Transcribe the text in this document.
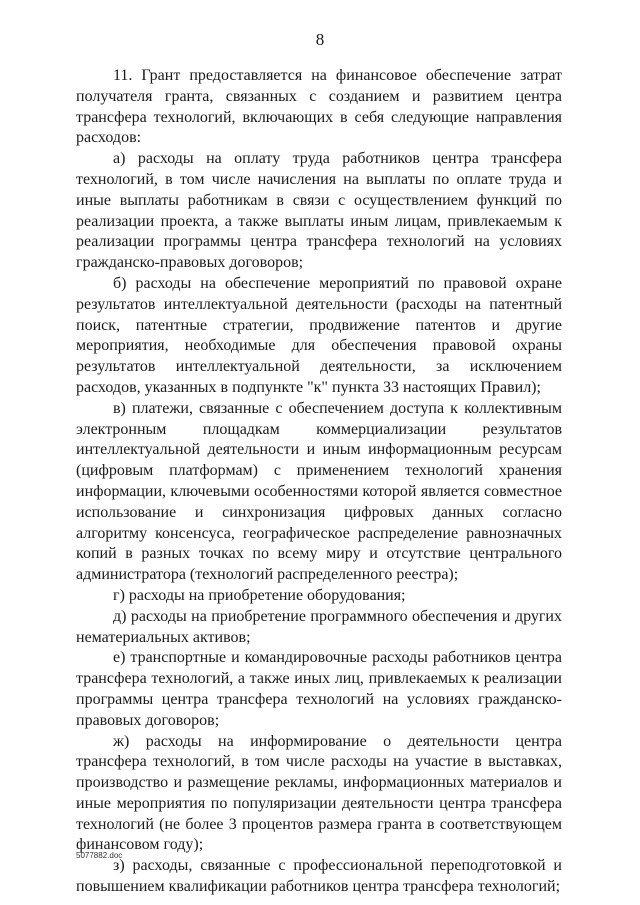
8

11. Грант предоставляется на финансовое обеспечение затрат получателя гранта, связанных с созданием и развитием центра трансфера технологий, включающих в себя следующие направления расходов:

а) расходы на оплату труда работников центра трансфера технологий, в том числе начисления на выплаты по оплате труда и иные выплаты работникам в связи с осуществлением функций по реализации проекта, а также выплаты иным лицам, привлекаемым к реализации программы центра трансфера технологий на условиях гражданско-правовых договоров;

б) расходы на обеспечение мероприятий по правовой охране результатов интеллектуальной деятельности (расходы на патентный поиск, патентные стратегии, продвижение патентов и другие мероприятия, необходимые для обеспечения правовой охраны результатов интеллектуальной деятельности, за исключением расходов, указанных в подпункте "к" пункта 33 настоящих Правил);

в) платежи, связанные с обеспечением доступа к коллективным электронным площадкам коммерциализации результатов интеллектуальной деятельности и иным информационным ресурсам (цифровым платформам) с применением технологий хранения информации, ключевыми особенностями которой является совместное использование и синхронизация цифровых данных согласно алгоритму консенсуса, географическое распределение равнозначных копий в разных точках по всему миру и отсутствие центрального администратора (технологий распределенного реестра);

г) расходы на приобретение оборудования;

д) расходы на приобретение программного обеспечения и других нематериальных активов;

е) транспортные и командировочные расходы работников центра трансфера технологий, а также иных лиц, привлекаемых к реализации программы центра трансфера технологий на условиях гражданско-правовых договоров;

ж) расходы на информирование о деятельности центра трансфера технологий, в том числе расходы на участие в выставках, производство и размещение рекламы, информационных материалов и иные мероприятия по популяризации деятельности центра трансфера технологий (не более 3 процентов размера гранта в соответствующем финансовом году);

з) расходы, связанные с профессиональной переподготовкой и повышением квалификации работников центра трансфера технологий;

5077882.doc
